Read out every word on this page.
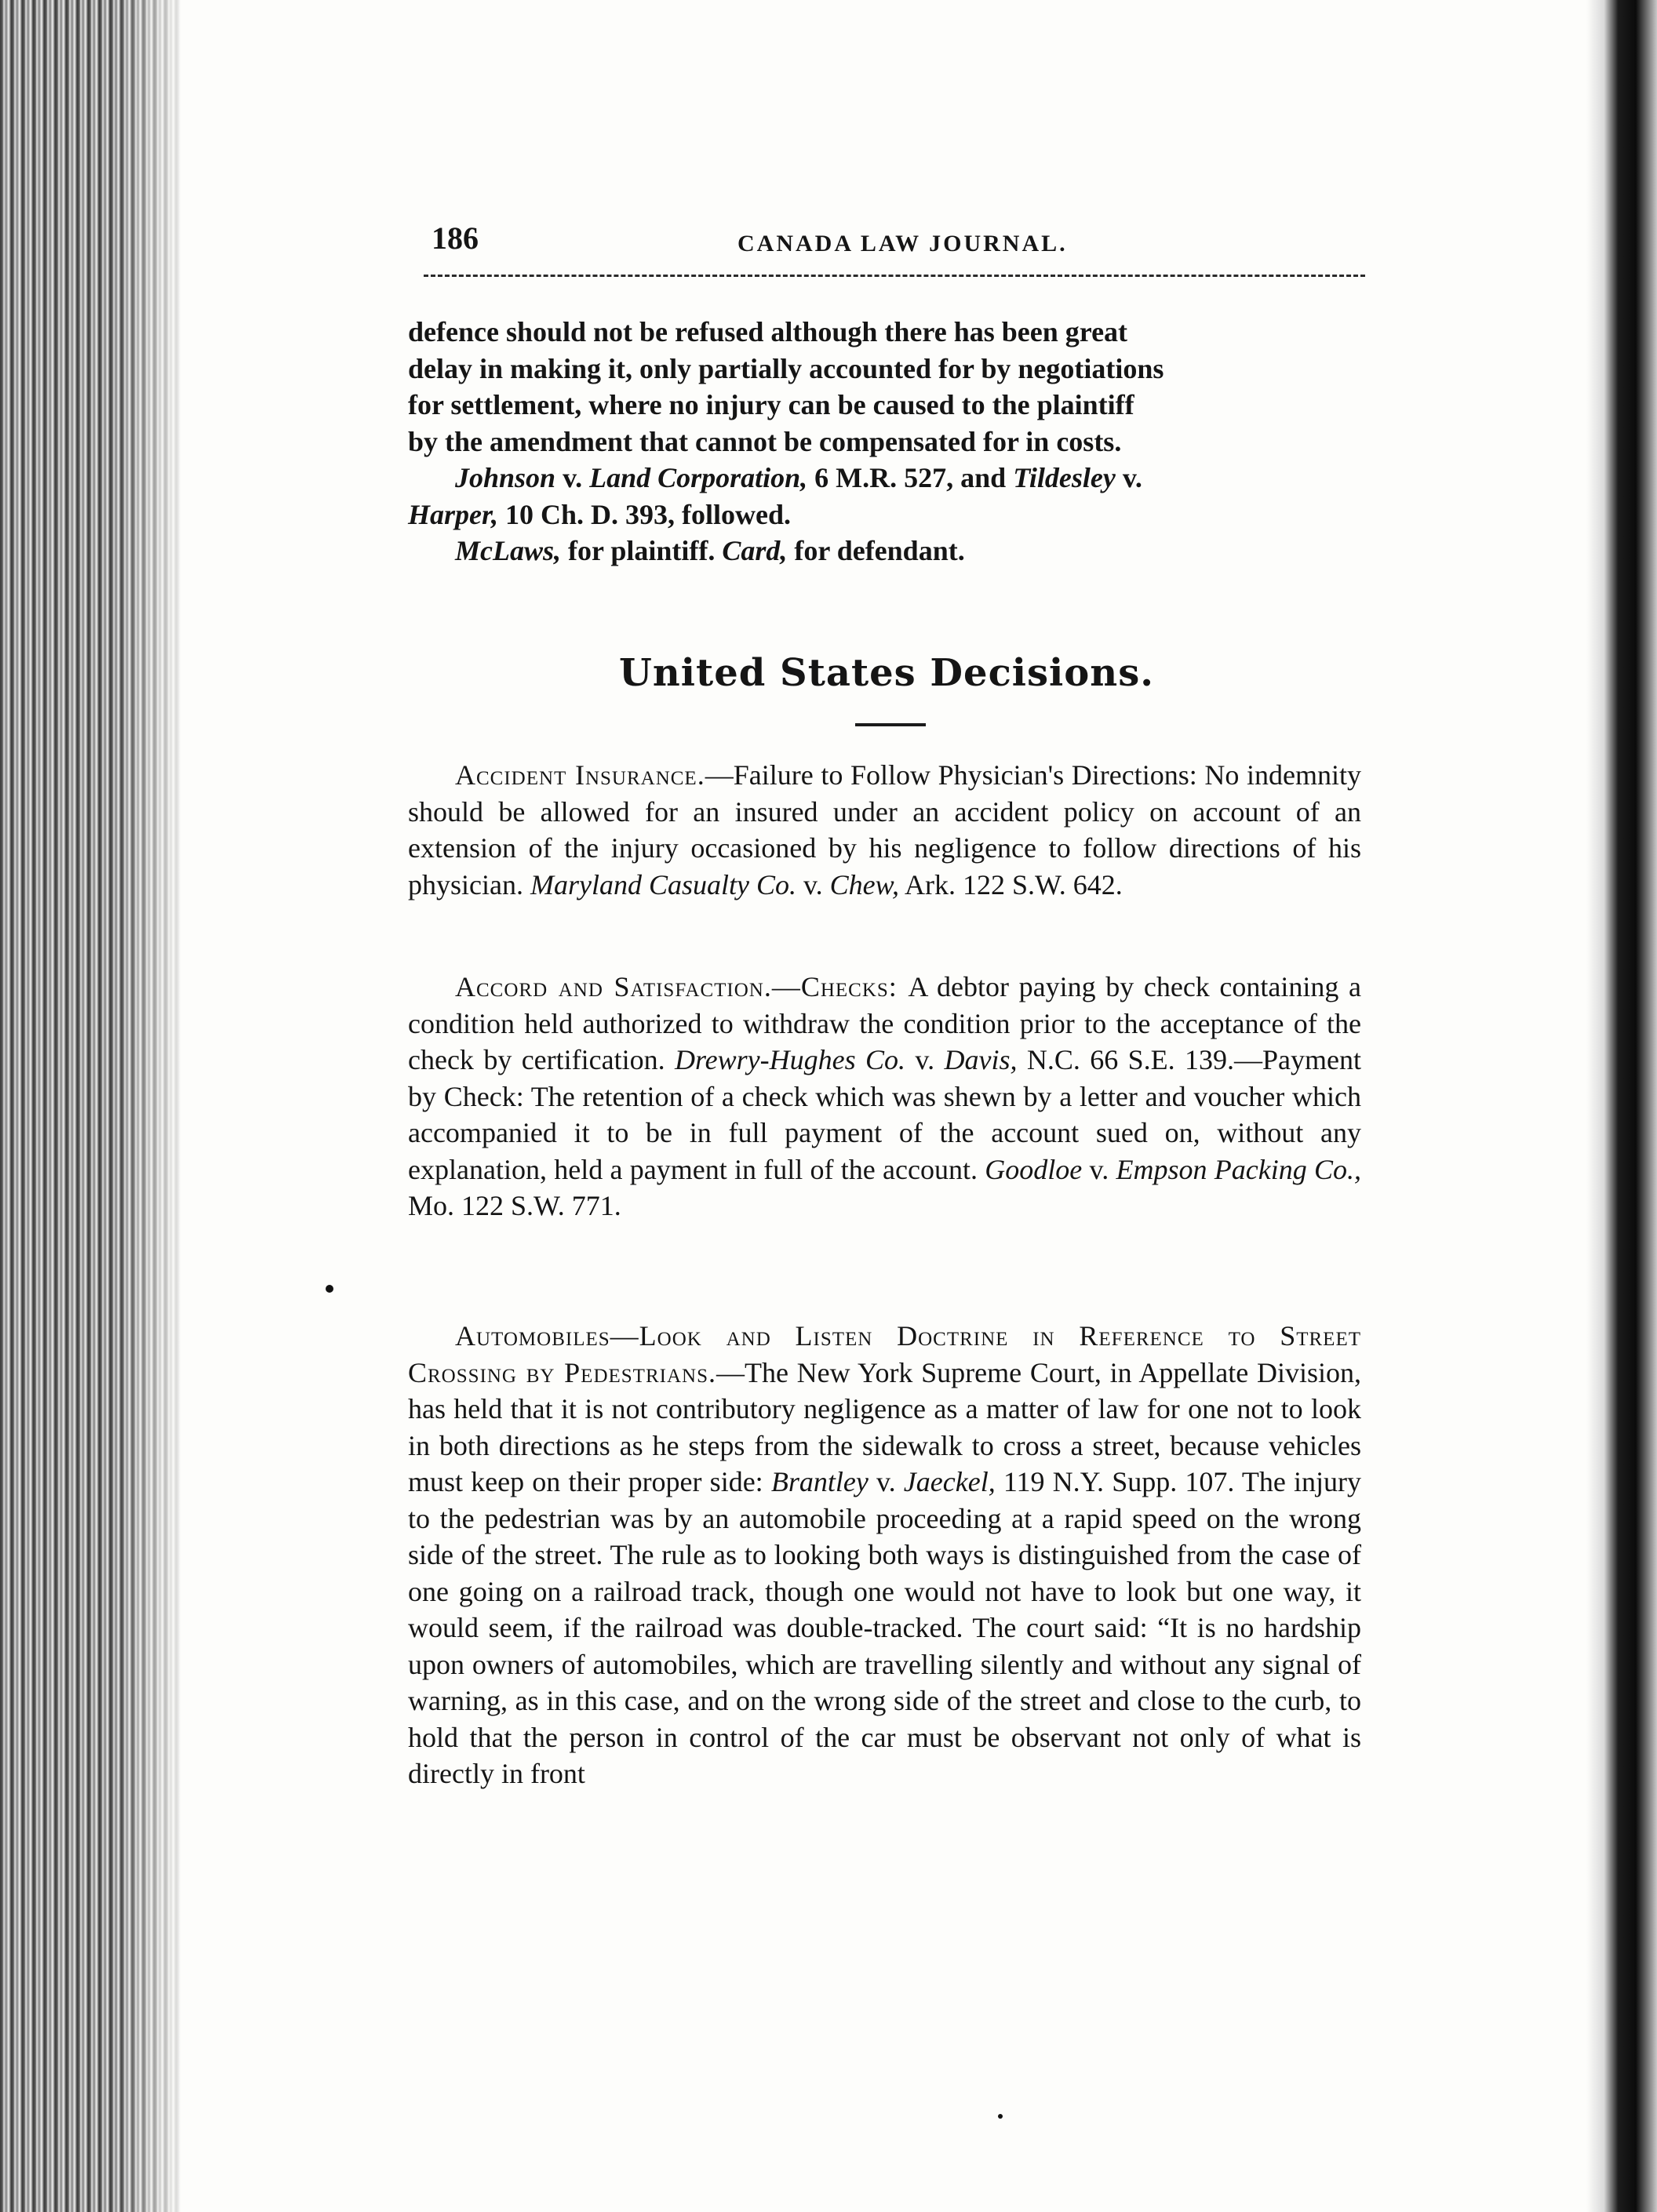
186	CANADA LAW JOURNAL.
defence should not be refused although there has been great
delay in making it, only partially accounted for by negotiations
for settlement, where no injury can be caused to the plaintiff
by the amendment that cannot be compensated for in costs.
Johnson v. Land Corporation, 6 M.R. 527, and Tildesley v.
Harper, 10 Ch. D. 393, followed.
McLaws, for plaintiff. Card, for defendant.
United States Decisions.
Accident Insurance.—Failure to Follow Physician's Directions: No indemnity should be allowed for an insured under an accident policy on account of an extension of the injury occasioned by his negligence to follow directions of his physician. Maryland Casualty Co. v. Chew, Ark. 122 S.W. 642.
Accord and Satisfaction.—Checks: A debtor paying by check containing a condition held authorized to withdraw the condition prior to the acceptance of the check by certification. Drewry-Hughes Co. v. Davis, N.C. 66 S.E. 139.—Payment by Check: The retention of a check which was shewn by a letter and voucher which accompanied it to be in full payment of the account sued on, without any explanation, held a payment in full of the account. Goodloe v. Empson Packing Co., Mo. 122 S.W. 771.
Automobiles—Look and Listen Doctrine in Reference to Street Crossing by Pedestrians.—The New York Supreme Court, in Appellate Division, has held that it is not contributory negligence as a matter of law for one not to look in both directions as he steps from the sidewalk to cross a street, because vehicles must keep on their proper side: Brantley v. Jaeckel, 119 N.Y. Supp. 107. The injury to the pedestrian was by an automobile proceeding at a rapid speed on the wrong side of the street. The rule as to looking both ways is distinguished from the case of one going on a railroad track, though one would not have to look but one way, it would seem, if the railroad was double-tracked. The court said: “It is no hardship upon owners of automobiles, which are travelling silently and without any signal of warning, as in this case, and on the wrong side of the street and close to the curb, to hold that the person in control of the car must be observant not only of what is directly in front
